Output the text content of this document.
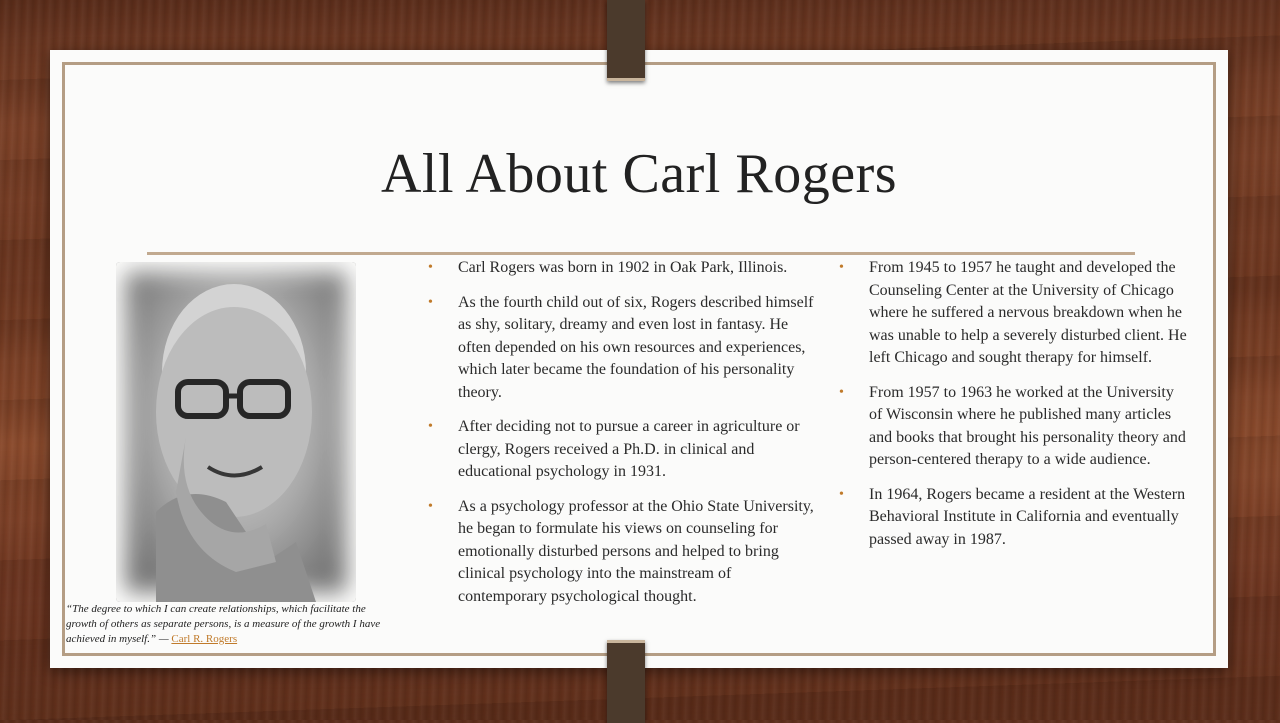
All About Carl Rogers
“The degree to which I can create relationships, which facilitate the growth of others as separate persons, is a measure of the growth I have achieved in myself.” — Carl R. Rogers
• Carl Rogers was born in 1902 in Oak Park, Illinois.
• As the fourth child out of six, Rogers described himself as shy, solitary, dreamy and even lost in fantasy. He often depended on his own resources and experiences, which later became the foundation of his personality theory.
• After deciding not to pursue a career in agriculture or clergy, Rogers received a Ph.D. in clinical and educational psychology in 1931.
• As a psychology professor at the Ohio State University, he began to formulate his views on counseling for emotionally disturbed persons and helped to bring clinical psychology into the mainstream of contemporary psychological thought.
• From 1945 to 1957 he taught and developed the Counseling Center at the University of Chicago where he suffered a nervous breakdown when he was unable to help a severely disturbed client. He left Chicago and sought therapy for himself.
• From 1957 to 1963 he worked at the University of Wisconsin where he published many articles and books that brought his personality theory and person-centered therapy to a wide audience.
• In 1964, Rogers became a resident at the Western Behavioral Institute in California and eventually passed away in 1987.
